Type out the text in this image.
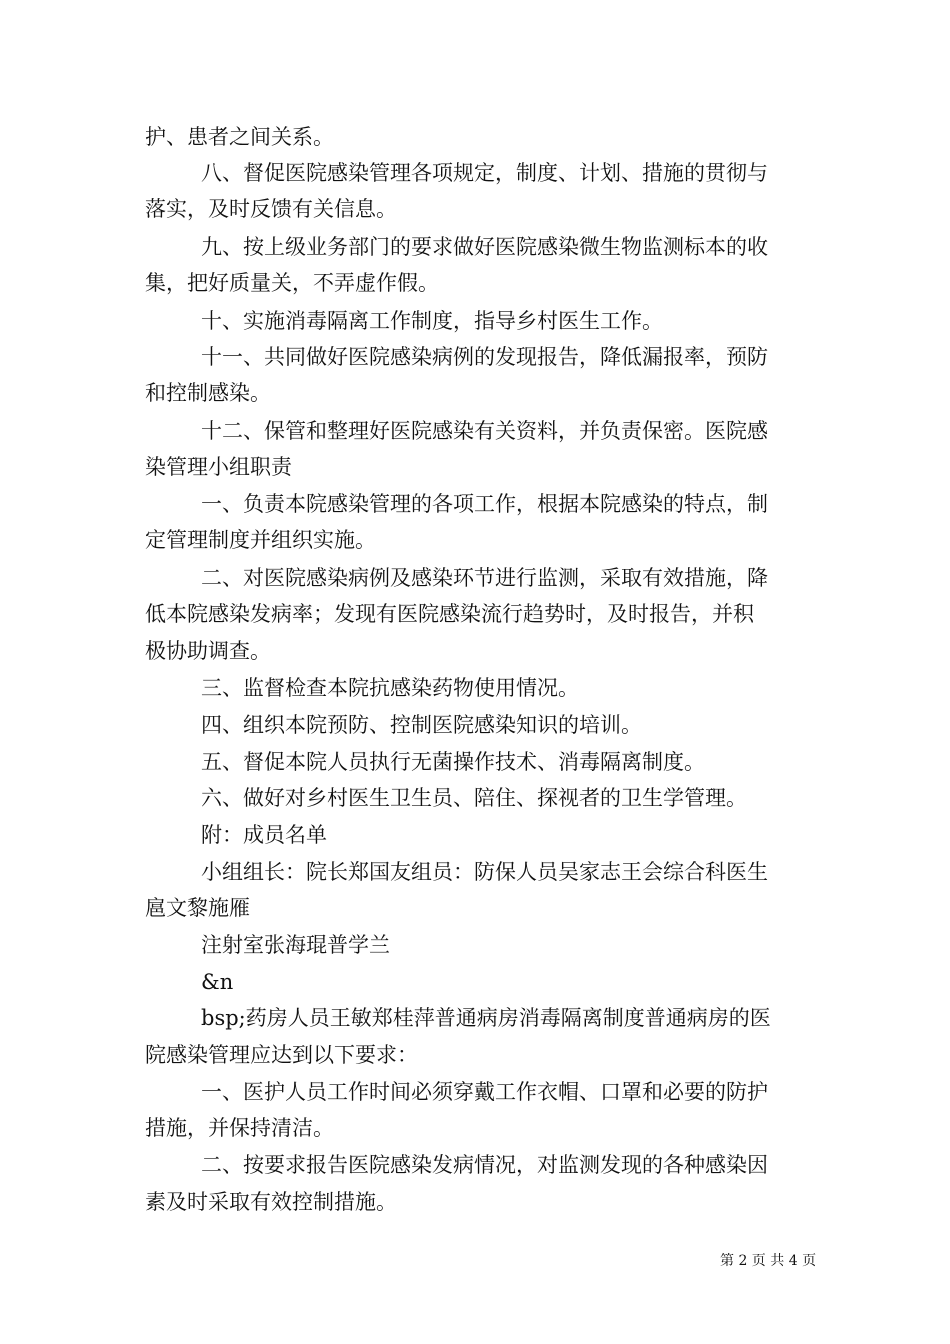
护、患者之间关系。
八、督促医院感染管理各项规定，制度、计划、措施的贯彻与
落实，及时反馈有关信息。
九、按上级业务部门的要求做好医院感染微生物监测标本的收
集，把好质量关，不弄虚作假。
十、实施消毒隔离工作制度，指导乡村医生工作。
十一、共同做好医院感染病例的发现报告，降低漏报率，预防
和控制感染。
十二、保管和整理好医院感染有关资料，并负责保密。医院感
染管理小组职责
一、负责本院感染管理的各项工作，根据本院感染的特点，制
定管理制度并组织实施。
二、对医院感染病例及感染环节进行监测，采取有效措施，降
低本院感染发病率；发现有医院感染流行趋势时，及时报告，并积
极协助调查。
三、监督检查本院抗感染药物使用情况。
四、组织本院预防、控制医院感染知识的培训。
五、督促本院人员执行无菌操作技术、消毒隔离制度。
六、做好对乡村医生卫生员、陪住、探视者的卫生学管理。
附：成员名单
小组组长：院长郑国友组员：防保人员吴家志王会综合科医生
扈文黎施雁
注射室张海琨普学兰
&n
bsp;药房人员王敏郑桂萍普通病房消毒隔离制度普通病房的医
院感染管理应达到以下要求：
一、医护人员工作时间必须穿戴工作衣帽、口罩和必要的防护
措施，并保持清洁。
二、按要求报告医院感染发病情况，对监测发现的各种感染因
素及时采取有效控制措施。
第 2 页 共 4 页
